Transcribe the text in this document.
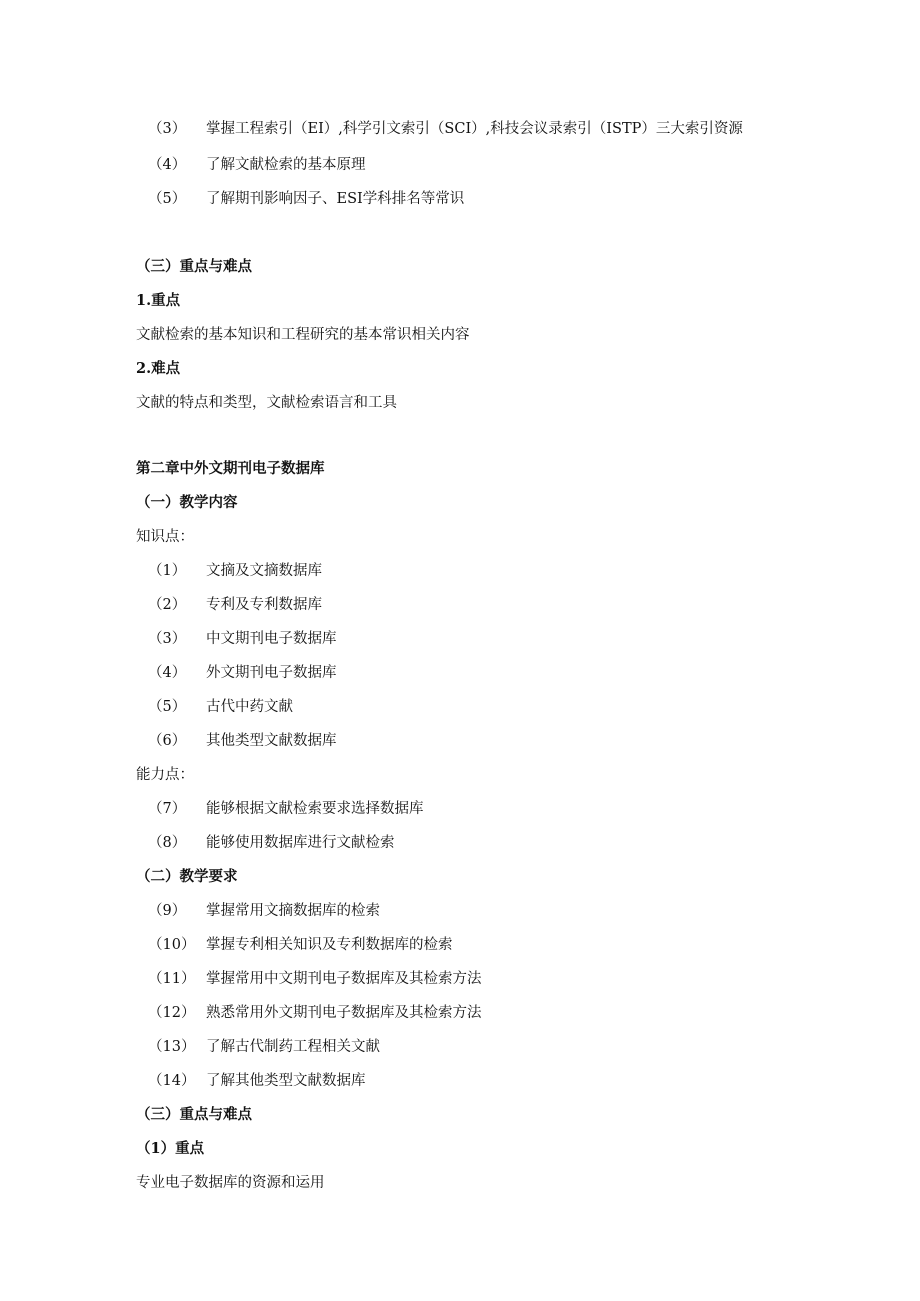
（3） 掌握工程索引（EI）,科学引文索引（SCI）,科技会议录索引（ISTP）三大索引资源
（4） 了解文献检索的基本原理
（5） 了解期刊影响因子、ESI学科排名等常识
（三）重点与难点
1.重点
文献检索的基本知识和工程研究的基本常识相关内容
2.难点
文献的特点和类型，文献检索语言和工具
第二章中外文期刊电子数据库
（一）教学内容
知识点：
（1） 文摘及文摘数据库
（2） 专利及专利数据库
（3） 中文期刊电子数据库
（4） 外文期刊电子数据库
（5） 古代中药文献
（6） 其他类型文献数据库
能力点：
（7） 能够根据文献检索要求选择数据库
（8） 能够使用数据库进行文献检索
（二）教学要求
（9） 掌握常用文摘数据库的检索
（10） 掌握专利相关知识及专利数据库的检索
（11） 掌握常用中文期刊电子数据库及其检索方法
（12） 熟悉常用外文期刊电子数据库及其检索方法
（13） 了解古代制药工程相关文献
（14） 了解其他类型文献数据库
（三）重点与难点
（1）重点
专业电子数据库的资源和运用
